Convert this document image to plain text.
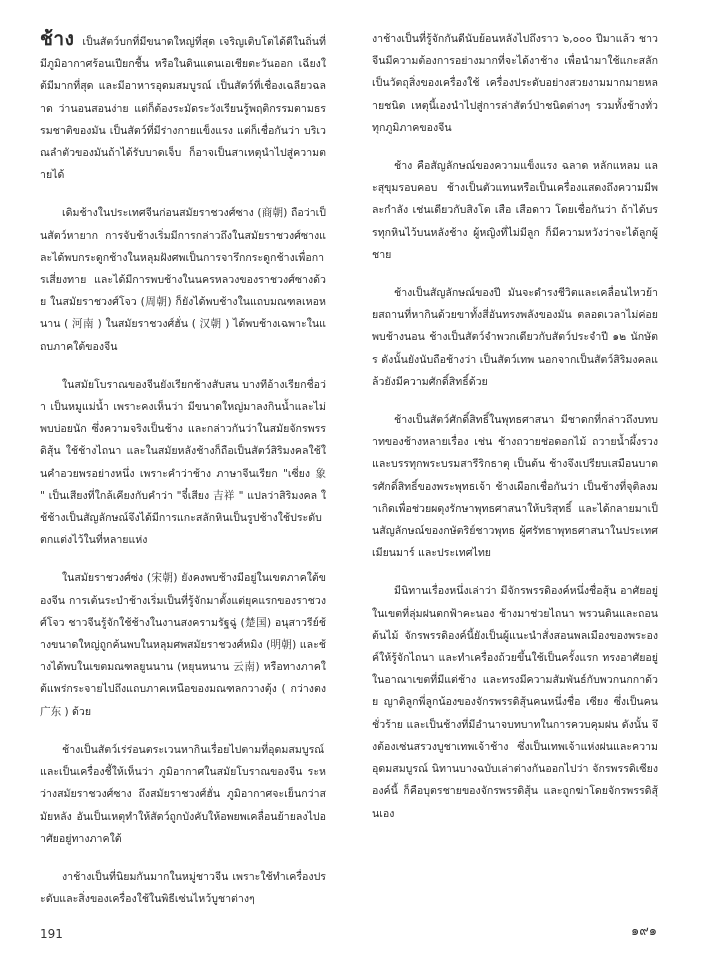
ช้าง เป็นสัตว์บกที่มีขนาดใหญ่ที่สุด เจริญเติบโตได้ดีในถิ่นที่มีภูมิอากาศร้อนเปียกชื้น หรือในดินแดนเอเชียตะวันออก เฉียงใต้มีมากที่สุด และมีอาหารอุดมสมบูรณ์ เป็นสัตว์ที่เชื่องเฉลียวฉลาด ว่านอนสอนง่าย แต่ก็ต้องระมัดระวังเรียนรู้พฤติกรรมตามธรรมชาติของมัน เป็นสัตว์ที่มีร่างกายแข็งแรง แต่ก็เชื่อกันว่า บริเวณลำตัวของมันถ้าได้รับบาดเจ็บ ก็อาจเป็นสาเหตุนำไปสู่ความตายได้

เดิมช้างในประเทศจีนก่อนสมัยราชวงศ์ซาง (商朝) ถือว่าเป็นสัตว์หายาก การจับช้างเริ่มมีการกล่าวถึงในสมัยราชวงศ์ซางและได้พบกระดูกช้างในหลุมฝังศพเป็นการจารึกกระดูกช้างเพื่อการเสี่ยงทาย และได้มีการพบช้างในนครหลวงของราชวงศ์ซางด้วย ในสมัยราชวงศ์โจว (周朝) ก็ยังได้พบช้างในแถบมณฑลเหอหนาน ( 河南 ) ในสมัยราชวงศ์ฮั่น ( 汉朝 ) ได้พบช้างเฉพาะในแถบภาคใต้ของจีน

ในสมัยโบราณของจีนยังเรียกช้างสับสน บางทีอ้างเรียกชื่อว่า เป็นหมูแม่น้ำ เพราะคงเห็นว่า มีขนาดใหญ่มาลงกินน้ำและไม่พบบ่อยนัก ซึ่งความจริงเป็นช้าง และกล่าวกันว่าในสมัยจักรพรรดิสุ้น ใช้ช้างไถนา และในสมัยหลังช้างก็ถือเป็นสัตว์สิริมงคลใช้ในคำอวยพรอย่างหนึ่ง เพราะคำว่าช้าง ภาษาจีนเรียก "เซี่ยง 象 " เป็นเสียงที่ใกล้เคียงกับคำว่า "จี๋เสียง 吉祥 " แปลว่าสิริมงคล ใช้ช้างเป็นสัญลักษณ์จึงได้มีการแกะสลักหินเป็นรูปช้างใช้ประดับตกแต่งไว้ในที่หลายแห่ง

ในสมัยราชวงศ์ซ่ง (宋朝) ยังคงพบช้างมีอยู่ในเขตภาคใต้ของจีน การเต้นระบำช้างเริ่มเป็นที่รู้จักมาตั้งแต่ยุคแรกของราชวงศ์โจว ชาวจีนรู้จักใช้ช้างในงานสงครามรัฐฉู่ (楚国) อนุสาวรีย์ช้างขนาดใหญ่ถูกค้นพบในหลุมศพสมัยราชวงศ์หมิง (明朝) และช้างได้พบในเขตมณฑลยูนนาน (หยุนหนาน 云南) หรือทางภาคใต้แพร่กระจายไปถึงแถบภาคเหนือของมณฑลกวางตุ้ง ( กว่างตง 广东 ) ด้วย

ช้างเป็นสัตว์เร่ร่อนตระเวนหากินเรื่อยไปตามที่อุดมสมบูรณ์ และเป็นเครื่องชี้ให้เห็นว่า ภูมิอากาศในสมัยโบราณของจีน ระหว่างสมัยราชวงศ์ซาง ถึงสมัยราชวงศ์ฮั่น ภูมิอากาศจะเย็นกว่าสมัยหลัง อันเป็นเหตุทำให้สัตว์ถูกบังคับให้อพยพเคลื่อนย้ายลงไปอาศัยอยู่ทางภาคใต้

งาช้างเป็นที่นิยมกันมากในหมู่ชาวจีน เพราะใช้ทำเครื่องประดับและสิ่งของเครื่องใช้ในพิธีเซ่นไหว้บูชาต่างๆ

งาช้างเป็นที่รู้จักกันดีนับย้อนหลังไปถึงราว ๖,๐๐๐ ปีมาแล้ว ชาวจีนมีความต้องการอย่างมากที่จะได้งาช้าง เพื่อนำมาใช้แกะสลักเป็นวัตถุสิ่งของเครื่องใช้ เครื่องประดับอย่างสวยงามมากมายหลายชนิด เหตุนี้เองนำไปสู่การล่าสัตว์ป่าชนิดต่างๆ รวมทั้งช้างทั่วทุกภูมิภาคของจีน

ช้าง คือสัญลักษณ์ของความแข็งแรง ฉลาด หลักแหลม และสุขุมรอบคอบ ช้างเป็นตัวแทนหรือเป็นเครื่องแสดงถึงความมีพละกำลัง เช่นเดียวกับสิงโต เสือ เสือดาว โดยเชื่อกันว่า ถ้าได้บรรทุกหินไว้บนหลังช้าง ผู้หญิงที่ไม่มีลูก ก็มีความหวังว่าจะได้ลูกผู้ชาย

ช้างเป็นสัญลักษณ์ของปี มันจะดำรงชีวิตและเคลื่อนไหวย้ายสถานที่หากินด้วยขาทั้งสี่อันทรงพลังของมัน ตลอดเวลาไม่ค่อยพบช้างนอน ช้างเป็นสัตว์จำพวกเดียวกับสัตว์ประจำปี ๑๒ นักษัตร ดังนั้นยังนับถือช้างว่า เป็นสัตว์เทพ นอกจากเป็นสัตว์สิริมงคลแล้วยังมีความศักดิ์สิทธิ์ด้วย

ช้างเป็นสัตว์ศักดิ์สิทธิ์ในพุทธศาสนา มีชาดกที่กล่าวถึงบทบาทของช้างหลายเรื่อง เช่น ช้างถวายช่อดอกไม้ ถวายน้ำผึ้งรวง และบรรทุกพระบรมสารีริกธาตุ เป็นต้น ช้างจึงเปรียบเสมือนบาตรศักดิ์สิทธิ์ของพระพุทธเจ้า ช้างเผือกเชื่อกันว่า เป็นช้างที่จุติลงมาเกิดเพื่อช่วยผดุงรักษาพุทธศาสนาให้บริสุทธิ์ และได้กลายมาเป็นสัญลักษณ์ของกษัตริย์ชาวพุทธ ผู้ศรัทธาพุทธศาสนาในประเทศเมียนมาร์ และประเทศไทย

มีนิทานเรื่องหนึ่งเล่าว่า มีจักรพรรดิองค์หนึ่งชื่อสุ้น อาศัยอยู่ในเขตที่ลุ่มฝนตกฟ้าคะนอง ช้างมาช่วยไถนา พรวนดินและถอนต้นไม้ จักรพรรดิองค์นี้ยังเป็นผู้แนะนำสั่งสอนพลเมืองของพระองค์ให้รู้จักไถนา และทำเครื่องถ้วยขึ้นใช้เป็นครั้งแรก ทรงอาศัยอยู่ในอาณาเขตที่มีแต่ช้าง และทรงมีความสัมพันธ์กับพวกนกกาด้วย ญาติลูกพี่ลูกน้องของจักรพรรดิสุ้นคนหนึ่งชื่อ เซียง ซึ่งเป็นคนชั่วร้าย และเป็นช้างที่มีอำนาจบทบาทในการควบคุมฝน ดังนั้น จึงต้องเซ่นสรวงบูชาเทพเจ้าช้าง ซึ่งเป็นเทพเจ้าแห่งฝนและความอุดมสมบูรณ์ นิทานบางฉบับเล่าต่างกันออกไปว่า จักรพรรดิเซียงองค์นี้ ก็คือบุตรชายของจักรพรรดิสุ้น และถูกฆ่าโดยจักรพรรดิสุ้นเอง

191	๑๙๑
